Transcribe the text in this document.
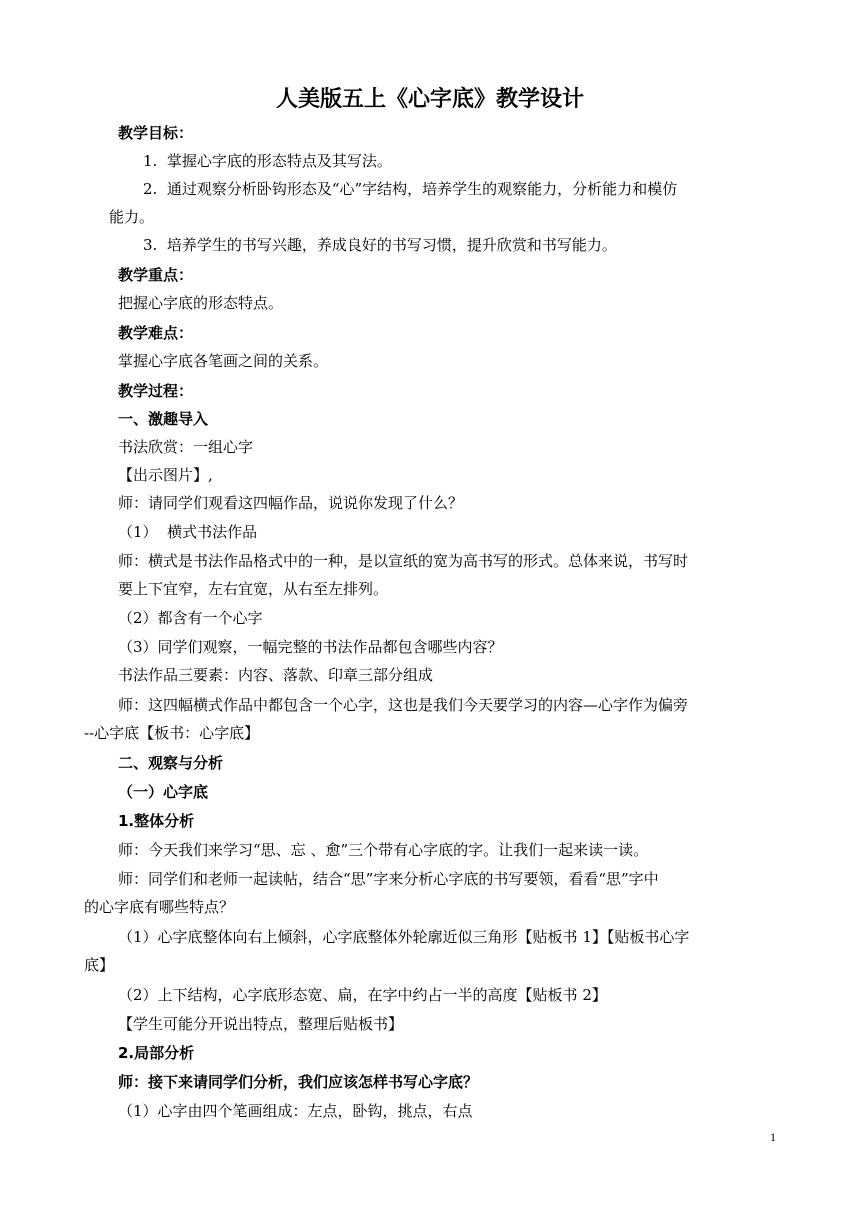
人美版五上《心字底》教学设计
教学目标：
1.  掌握心字底的形态特点及其写法。
2.  通过观察分析卧钩形态及“心”字结构，培养学生的观察能力，分析能力和模仿
能力。
3.  培养学生的书写兴趣，养成良好的书写习惯，提升欣赏和书写能力。
教学重点：
把握心字底的形态特点。
教学难点：
掌握心字底各笔画之间的关系。
教学过程：
一、激趣导入
书法欣赏：一组心字
【出示图片】,
师：请同学们观看这四幅作品，说说你发现了什么？
（1）  横式书法作品
师：横式是书法作品格式中的一种，是以宣纸的宽为高书写的形式。总体来说，书写时
要上下宜窄，左右宜宽，从右至左排列。
（2）都含有一个心字
（3）同学们观察，一幅完整的书法作品都包含哪些内容？
书法作品三要素：内容、落款、印章三部分组成
师：这四幅横式作品中都包含一个心字，这也是我们今天要学习的内容—心字作为偏旁
--心字底【板书：心字底】
二、观察与分析
（一）心字底
1.整体分析
师：今天我们来学习“思、忘 、愈”三个带有心字底的字。让我们一起来读一读。
师：同学们和老师一起读帖，结合“思”字来分析心字底的书写要领，看看“思”字中
的心字底有哪些特点？
（1）心字底整体向右上倾斜，心字底整体外轮廓近似三角形【贴板书 1】【贴板书心字
底】
（2）上下结构，心字底形态宽、扁，在字中约占一半的高度【贴板书 2】
【学生可能分开说出特点，整理后贴板书】
2.局部分析
师：接下来请同学们分析，我们应该怎样书写心字底？
（1）心字由四个笔画组成：左点，卧钩，挑点，右点
1
